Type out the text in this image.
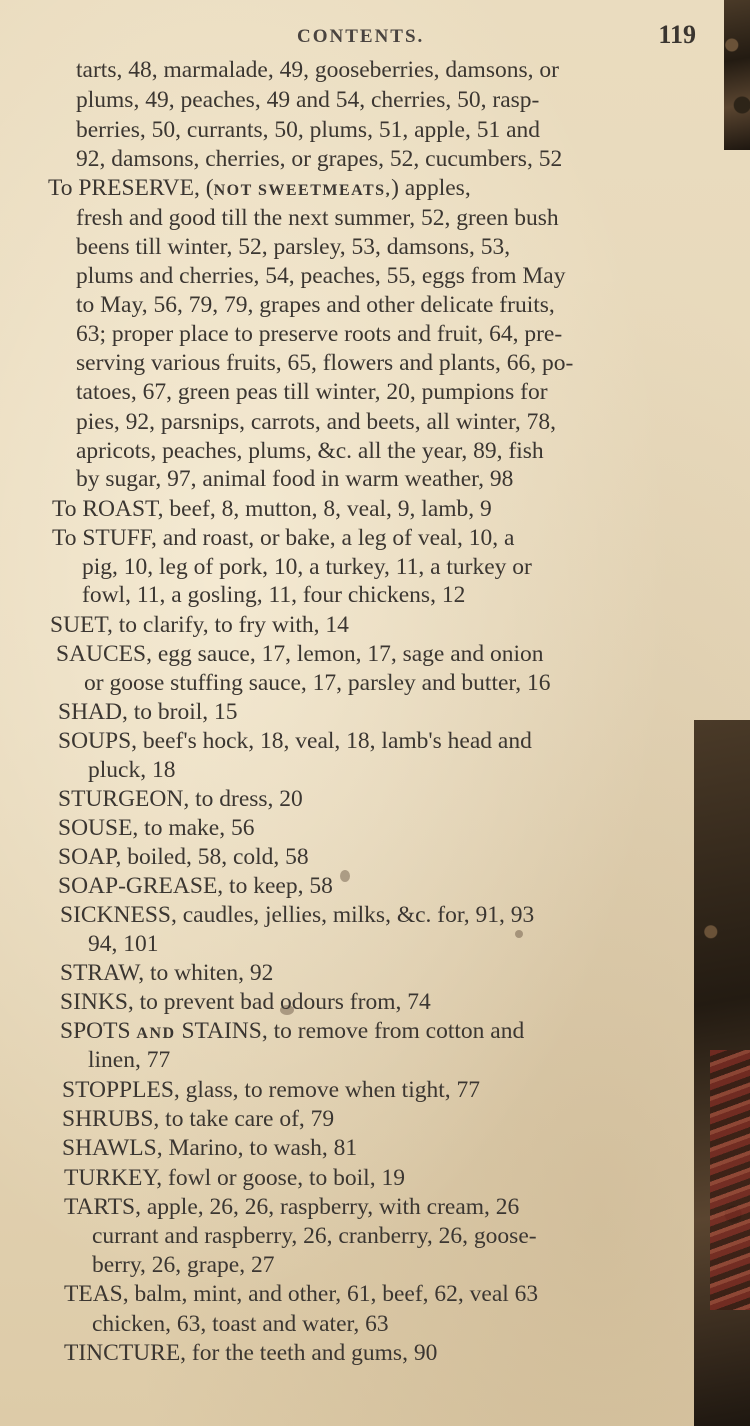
CONTENTS.	119
tarts, 48, marmalade, 49, gooseberries, damsons, or
plums, 49, peaches, 49 and 54, cherries, 50, rasp-
berries, 50, currants, 50, plums, 51, apple, 51 and
92, damsons, cherries, or grapes, 52, cucumbers, 52
To PRESERVE, (NOT SWEETMEATS,) apples,
fresh and good till the next summer, 52, green bush
beens till winter, 52, parsley, 53, damsons, 53,
plums and cherries, 54, peaches, 55, eggs from May
to May, 56, 79, 79, grapes and other delicate fruits,
63; proper place to preserve roots and fruit, 64, pre-
serving various fruits, 65, flowers and plants, 66, po-
tatoes, 67, green peas till winter, 20, pumpions for
pies, 92, parsnips, carrots, and beets, all winter, 78,
apricots, peaches, plums, &c. all the year, 89, fish
by sugar, 97, animal food in warm weather, 98
To ROAST, beef, 8, mutton, 8, veal, 9, lamb, 9
To STUFF, and roast, or bake, a leg of veal, 10, a
pig, 10, leg of pork, 10, a turkey, 11, a turkey or
fowl, 11, a gosling, 11, four chickens, 12
SUET, to clarify, to fry with, 14
SAUCES, egg sauce, 17, lemon, 17, sage and onion
or goose stuffing sauce, 17, parsley and butter, 16
SHAD, to broil, 15
SOUPS, beef's hock, 18, veal, 18, lamb's head and
pluck, 18
STURGEON, to dress, 20
SOUSE, to make, 56
SOAP, boiled, 58, cold, 58
SOAP-GREASE, to keep, 58
SICKNESS, caudles, jellies, milks, &c. for, 91, 93
94, 101
STRAW, to whiten, 92
SINKS, to prevent bad odours from, 74
SPOTS AND STAINS, to remove from cotton and
linen, 77
STOPPLES, glass, to remove when tight, 77
SHRUBS, to take care of, 79
SHAWLS, Marino, to wash, 81
TURKEY, fowl or goose, to boil, 19
TARTS, apple, 26, 26, raspberry, with cream, 26
currant and raspberry, 26, cranberry, 26, goose-
berry, 26, grape, 27
TEAS, balm, mint, and other, 61, beef, 62, veal 63
chicken, 63, toast and water, 63
TINCTURE, for the teeth and gums, 90
